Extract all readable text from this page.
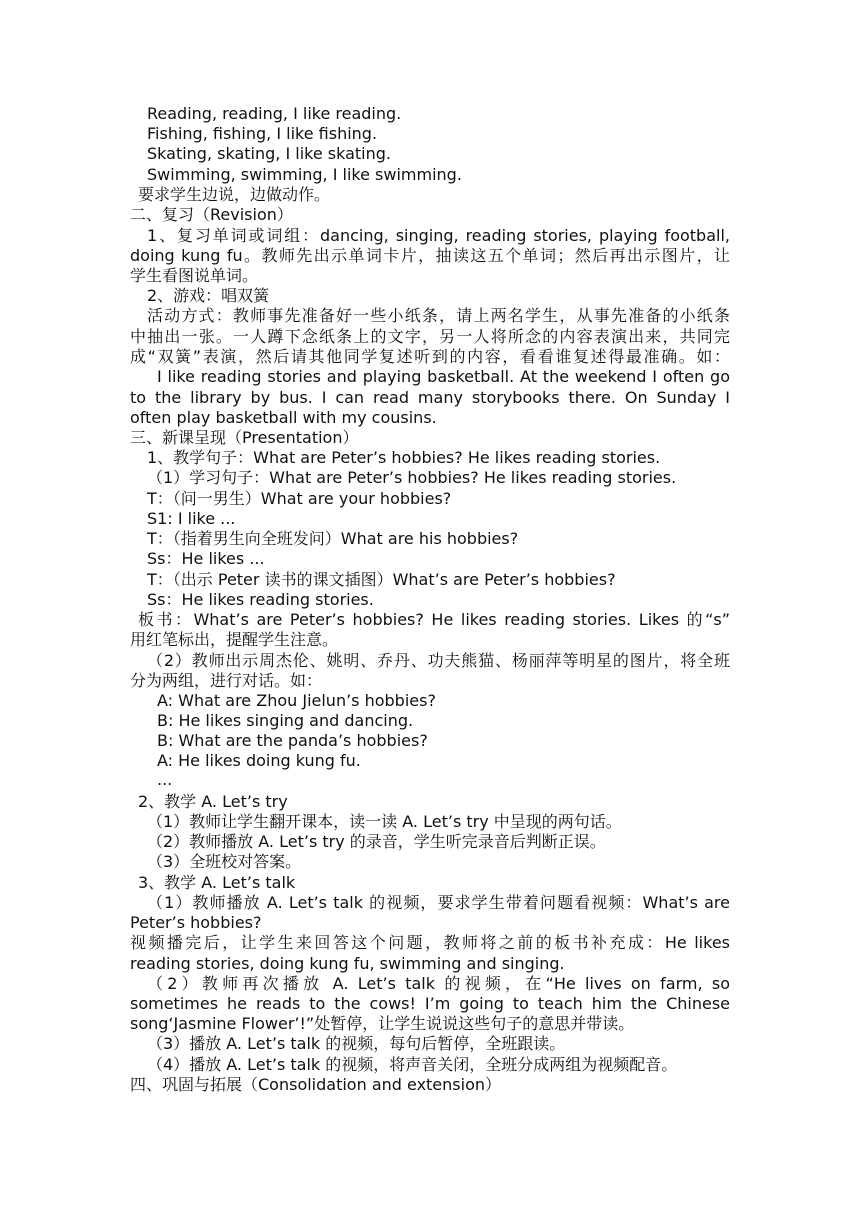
Reading, reading, I like reading.
Fishing, fishing, I like fishing.
Skating, skating, I like skating.
Swimming, swimming, I like swimming.
要求学生边说，边做动作。
二、复习（Revision）
1、复习单词或词组：dancing, singing, reading stories, playing football,
doing kung fu。教师先出示单词卡片，抽读这五个单词；然后再出示图片，让
学生看图说单词。
2、游戏：唱双簧
活动方式：教师事先准备好一些小纸条，请上两名学生，从事先准备的小纸条
中抽出一张。一人蹲下念纸条上的文字，另一人将所念的内容表演出来，共同完
成“双簧”表演，然后请其他同学复述听到的内容，看看谁复述得最准确。如：
I like reading stories and playing basketball. At the weekend I often go
to the library by bus. I can read many storybooks there. On Sunday I
often play basketball with my cousins.
三、新课呈现（Presentation）
1、教学句子：What are Peter’s hobbies? He likes reading stories.
（1）学习句子：What are Peter’s hobbies? He likes reading stories.
T：（问一男生）What are your hobbies?
S1: I like ...
T：（指着男生向全班发问）What are his hobbies?
Ss：He likes ...
T：（出示 Peter 读书的课文插图）What’s are Peter’s hobbies?
Ss：He likes reading stories.
板书：What’s are Peter’s hobbies? He likes reading stories. Likes 的“s”
用红笔标出，提醒学生注意。
（2）教师出示周杰伦、姚明、乔丹、功夫熊猫、杨丽萍等明星的图片，将全班
分为两组，进行对话。如：
A: What are Zhou Jielun’s hobbies?
B: He likes singing and dancing.
B: What are the panda’s hobbies?
A: He likes doing kung fu.
...
2、教学 A. Let’s try
（1）教师让学生翻开课本，读一读 A. Let’s try 中呈现的两句话。
（2）教师播放 A. Let’s try 的录音，学生听完录音后判断正误。
（3）全班校对答案。
3、教学 A. Let’s talk
（1）教师播放 A. Let’s talk 的视频，要求学生带着问题看视频：What’s are
Peter’s hobbies?
视频播完后，让学生来回答这个问题，教师将之前的板书补充成：He likes
reading stories, doing kung fu, swimming and singing.
（2）教师再次播放 A. Let’s talk 的视频，在“He lives on farm, so
sometimes he reads to the cows! I’m going to teach him the Chinese
song‘Jasmine Flower’!”处暂停，让学生说说这些句子的意思并带读。
（3）播放 A. Let’s talk 的视频，每句后暂停，全班跟读。
（4）播放 A. Let’s talk 的视频，将声音关闭，全班分成两组为视频配音。
四、巩固与拓展（Consolidation and extension）
